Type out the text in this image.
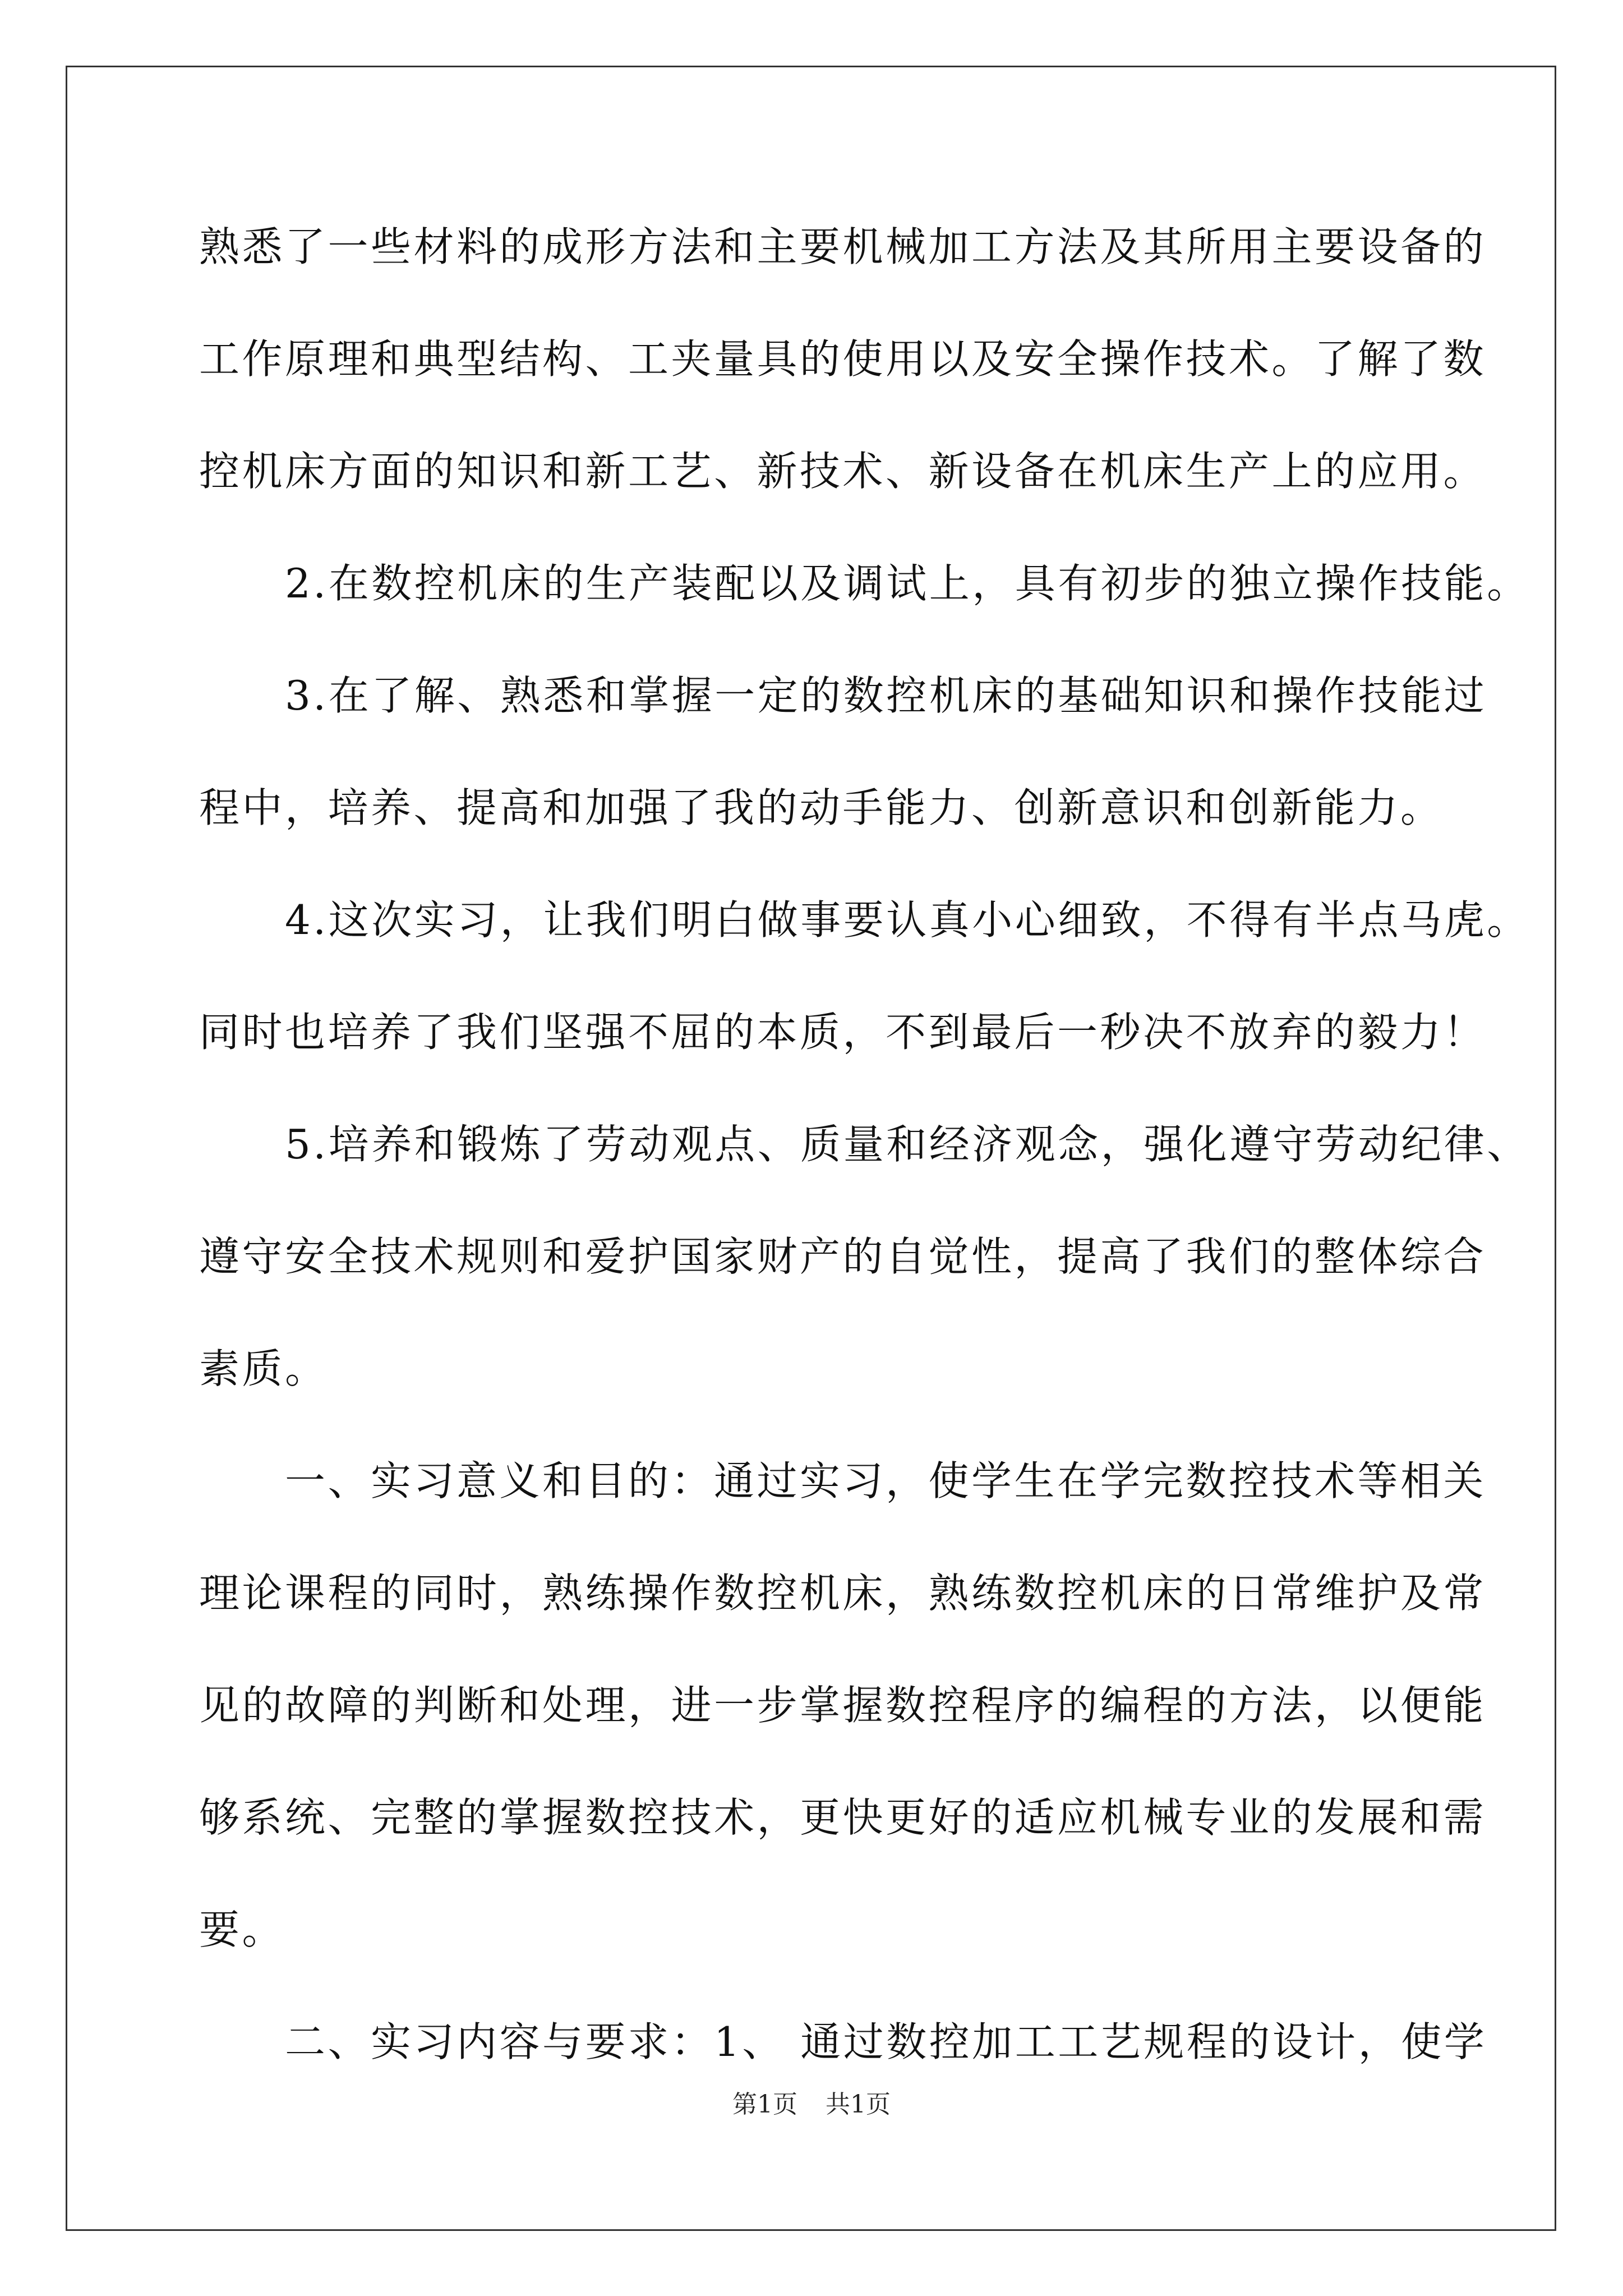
熟悉了一些材料的成形方法和主要机械加工方法及其所用主要设备的

工作原理和典型结构、工夹量具的使用以及安全操作技术。了解了数

控机床方面的知识和新工艺、新技术、新设备在机床生产上的应用。

　　2.在数控机床的生产装配以及调试上，具有初步的独立操作技能。

　　3.在了解、熟悉和掌握一定的数控机床的基础知识和操作技能过

程中，培养、提高和加强了我的动手能力、创新意识和创新能力。

　　4.这次实习，让我们明白做事要认真小心细致，不得有半点马虎。

同时也培养了我们坚强不屈的本质，不到最后一秒决不放弃的毅力！

　　5.培养和锻炼了劳动观点、质量和经济观念，强化遵守劳动纪律、

遵守安全技术规则和爱护国家财产的自觉性，提高了我们的整体综合

素质。

　　一、实习意义和目的：通过实习，使学生在学完数控技术等相关

理论课程的同时，熟练操作数控机床，熟练数控机床的日常维护及常

见的故障的判断和处理，进一步掌握数控程序的编程的方法，以便能

够系统、完整的掌握数控技术，更快更好的适应机械专业的发展和需

要。

　　二、实习内容与要求：1、 通过数控加工工艺规程的设计，使学

第1页 共1页
